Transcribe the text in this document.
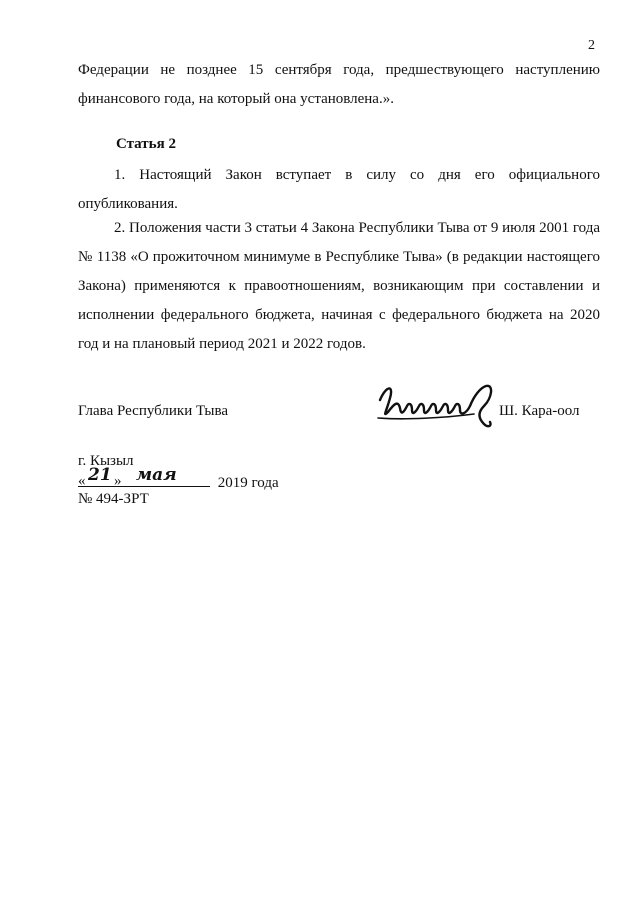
2
Федерации не позднее 15 сентября года, предшествующего наступлению
финансового года, на который она установлена.».
Статья 2
1. Настоящий Закон вступает в силу со дня его официального опубликования.
2. Положения части 3 статьи 4 Закона Республики Тыва от 9 июля 2001 года № 1138 «О прожиточном минимуме в Республике Тыва» (в редакции настоящего Закона) применяются к правоотношениям, возникающим при составлении и исполнении федерального бюджета, начиная с федерального бюджета на 2020 год и на плановый период 2021 и 2022 годов.
Глава Республики Тыва	Ш. Кара-оол
г. Кызыл
« 21 » мая	2019 года
№ 494-ЗРТ
